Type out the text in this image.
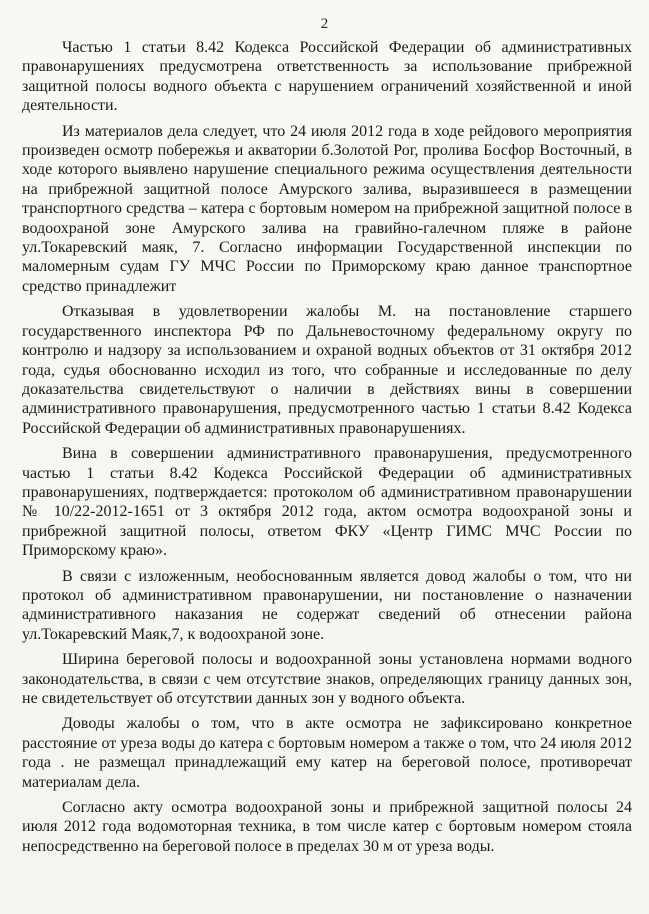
2

Частью 1 статьи 8.42 Кодекса Российской Федерации об административных правонарушениях предусмотрена ответственность за использование прибрежной защитной полосы водного объекта с нарушением ограничений хозяйственной и иной деятельности.

Из материалов дела следует, что 24 июля 2012 года в ходе рейдового мероприятия произведен осмотр побережья и акватории б.Золотой Рог, пролива Босфор Восточный, в ходе которого выявлено нарушение специального режима осуществления деятельности на прибрежной защитной полосе Амурского залива, выразившееся в размещении транспортного средства – катера с бортовым номером на прибрежной защитной полосе в водоохраной зоне Амурского залива на гравийно-галечном пляже в районе ул.Токаревский маяк, 7. Согласно информации Государственной инспекции по маломерным судам ГУ МЧС России по Приморскому краю данное транспортное средство принадлежит

Отказывая в удовлетворении жалобы М. на постановление старшего государственного инспектора РФ по Дальневосточному федеральному округу по контролю и надзору за использованием и охраной водных объектов от 31 октября 2012 года, судья обоснованно исходил из того, что собранные и исследованные по делу доказательства свидетельствуют о наличии в действиях вины в совершении административного правонарушения, предусмотренного частью 1 статьи 8.42 Кодекса Российской Федерации об административных правонарушениях.

Вина в совершении административного правонарушения, предусмотренного частью 1 статьи 8.42 Кодекса Российской Федерации об административных правонарушениях, подтверждается: протоколом об административном правонарушении № 10/22-2012-1651 от 3 октября 2012 года, актом осмотра водоохраной зоны и прибрежной защитной полосы, ответом ФКУ «Центр ГИМС МЧС России по Приморскому краю».

В связи с изложенным, необоснованным является довод жалобы о том, что ни протокол об административном правонарушении, ни постановление о назначении административного наказания не содержат сведений об отнесении района ул.Токаревский Маяк,7, к водоохраной зоне.

Ширина береговой полосы и водоохранной зоны установлена нормами водного законодательства, в связи с чем отсутствие знаков, определяющих границу данных зон, не свидетельствует об отсутствии данных зон у водного объекта.

Доводы жалобы о том, что в акте осмотра не зафиксировано конкретное расстояние от уреза воды до катера с бортовым номером а также о том, что 24 июля 2012 года . не размещал принадлежащий ему катер на береговой полосе, противоречат материалам дела.

Согласно акту осмотра водоохраной зоны и прибрежной защитной полосы 24 июля 2012 года водомоторная техника, в том числе катер с бортовым номером стояла непосредственно на береговой полосе в пределах 30 м от уреза воды.
